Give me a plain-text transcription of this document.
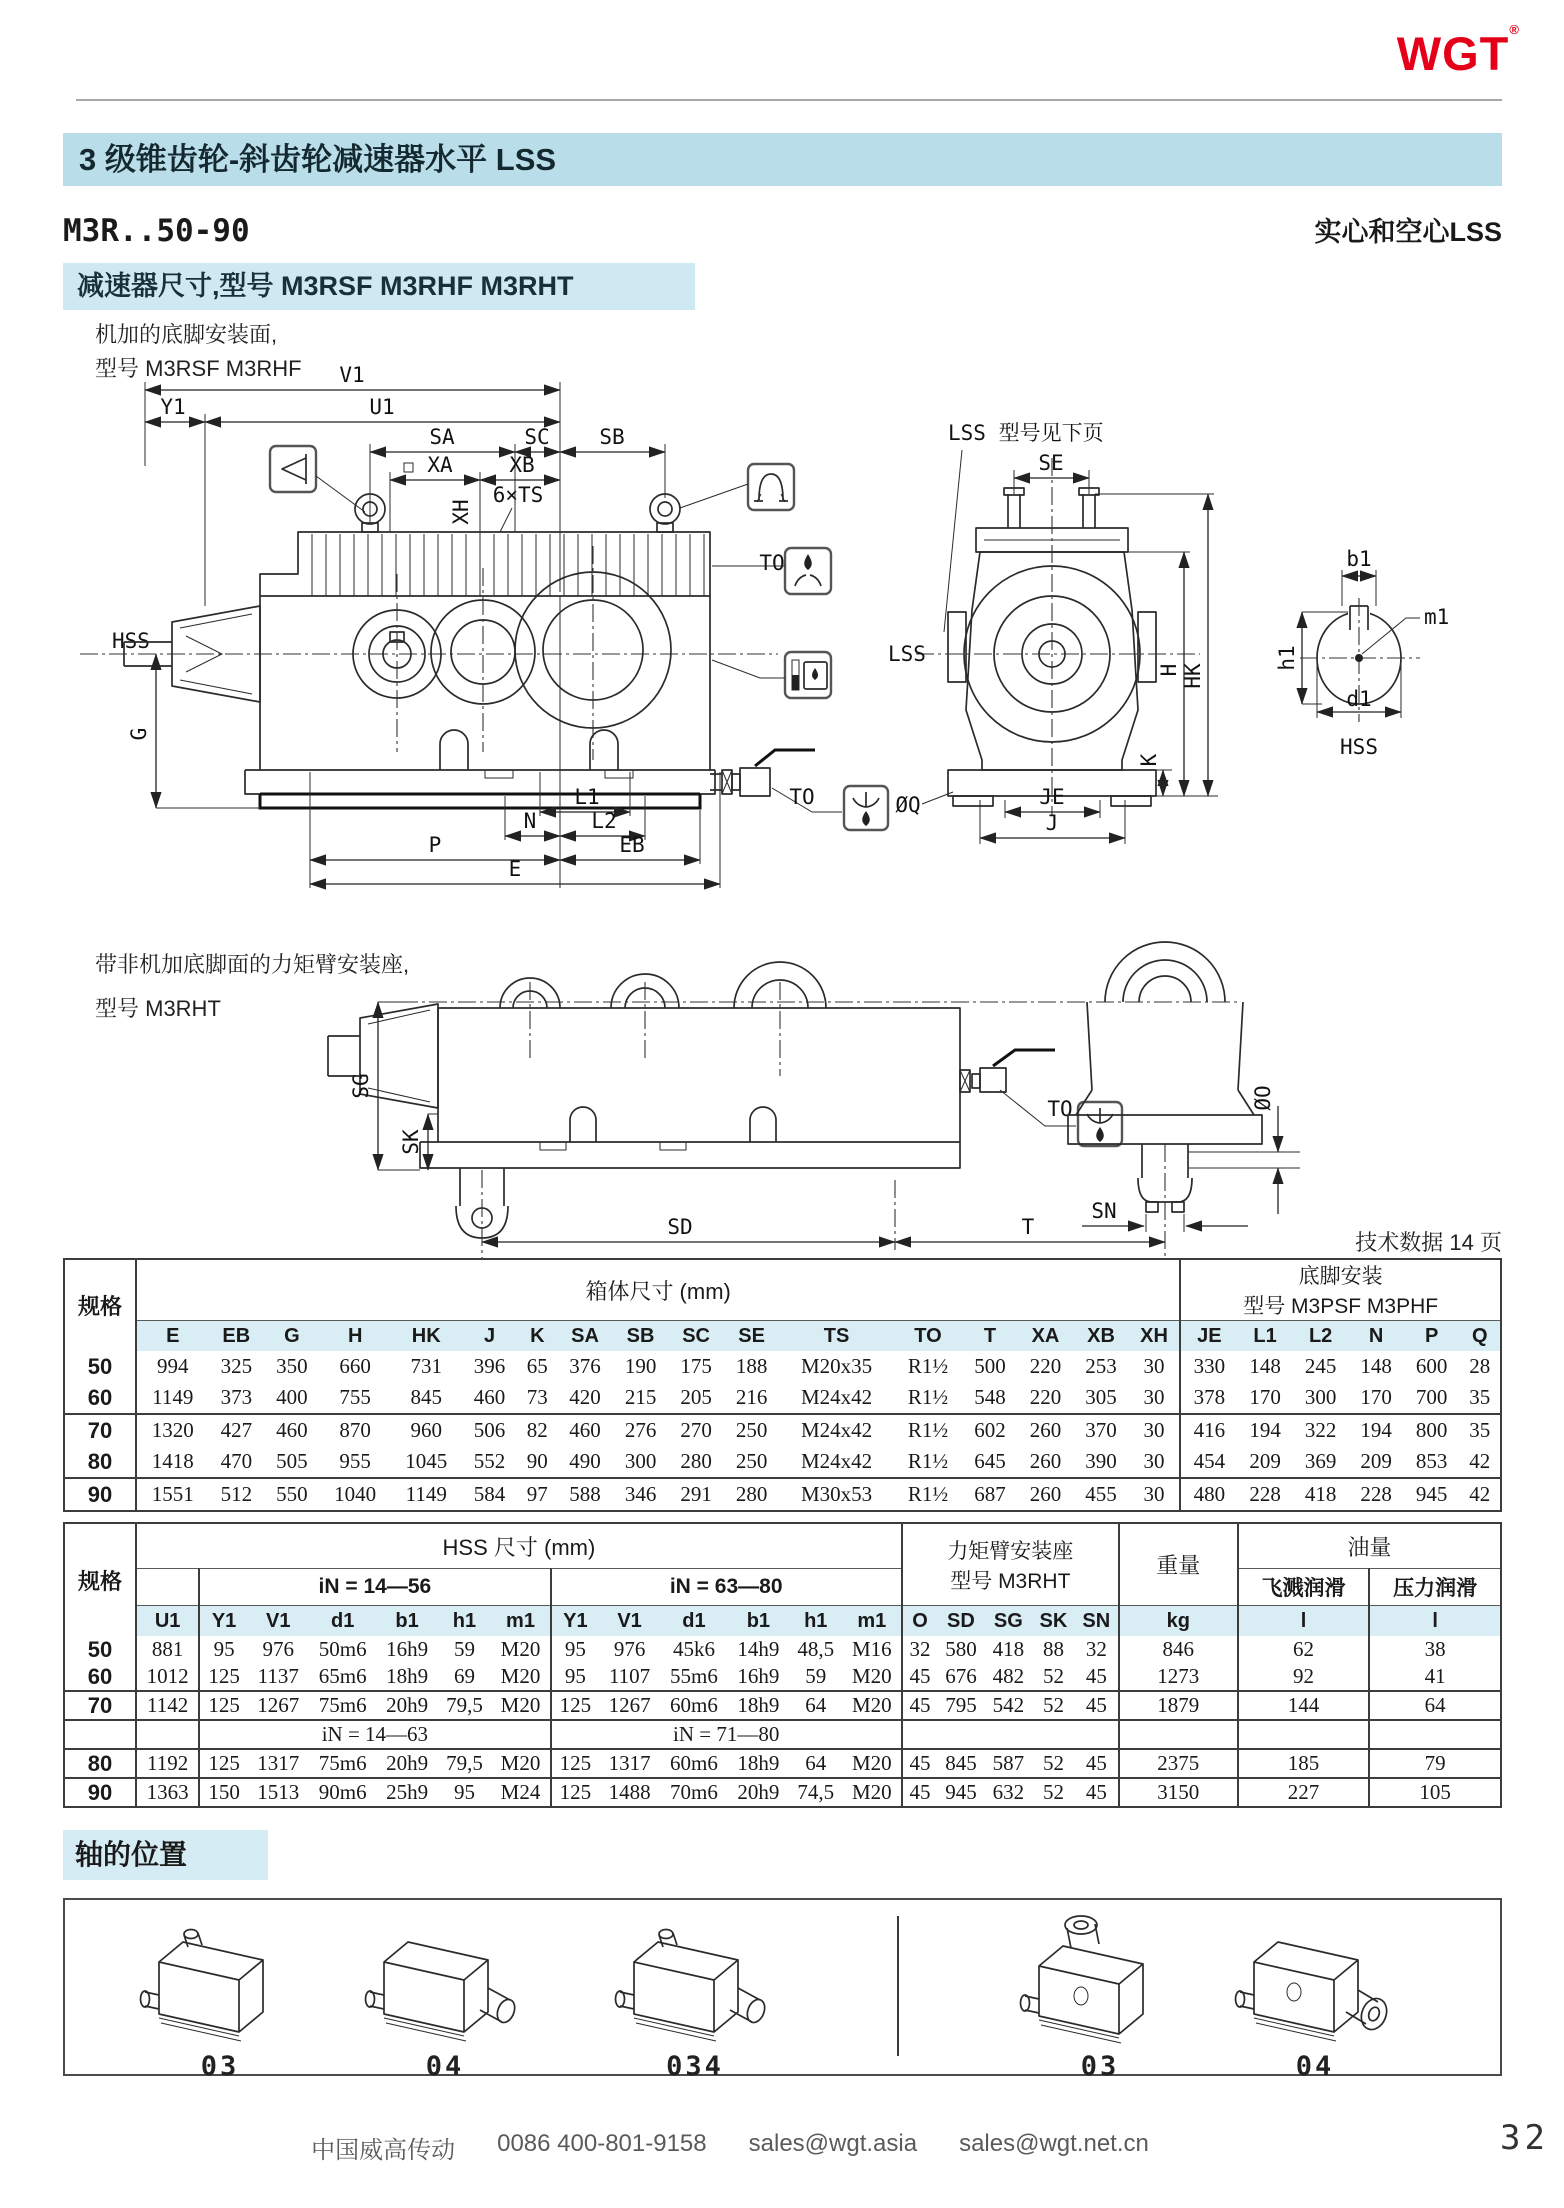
WGT®
3 级锥齿轮-斜齿轮减速器水平 LSS
M3R..50-90	实心和空心LSS
减速器尺寸,型号 M3RSF M3RHF M3RHT
机加的底脚安装面,
型号 M3RSF M3RHF
HSS
TO
TO
V1
Y1	U1
SA	SC SB
XA	XB
XH
6×TS
G
L1
N	L2
P	EB
E
LSS 型号见下页
SE
LSS
K
H HK
JE
J
ØQ
b1
m1
h1
d1
HSS
带非机加底脚面的力矩臂安装座,
型号 M3RHT
SG
SK
SD	T
TO	ØO
SN
技术数据 14 页
规格	箱体尺寸 (mm)																	底脚安装
型号 M3PSF M3PHF					

	E	EB	G	H	HK	J	K	SA	SB	SC	SE	TS	TO	T	XA	XB	XH	JE	L1	L2	N	P	Q
50	994	325	350	660	731	396	65	376	190	175	188	M20x35	R1½	500	220	253	30	330	148	245	148	600	28
60	1149	373	400	755	845	460	73	420	215	205	216	M24x42	R1½	548	220	305	30	378	170	300	170	700	35
70	1320	427	460	870	960	506	82	460	276	270	250	M24x42	R1½	602	260	370	30	416	194	322	194	800	35
80	1418	470	505	955	1045	552	90	490	300	280	250	M24x42	R1½	645	260	390	30	454	209	369	209	853	42
90	1551	512	550	1040	1149	584	97	588	346	291	280	M30x53	R1½	687	260	455	30	480	228	418	228	945	42
规格	HSS 尺寸 (mm)													力矩臂安装座
型号 M3RHT					重量	油量	
		iN = 14—56						iN = 63—80												飞溅润滑	压力润滑
	U1	Y1	V1	d1	b1	h1	m1	Y1	V1	d1	b1	h1	m1	O	SD	SG	SK	SN	kg	l	l
50	881	95	976	50m6	16h9	59	M20	95	976	45k6	14h9	48,5	M16	32	580	418	88	32	846	62	38
60	1012	125	1137	65m6	18h9	69	M20	95	1107	55m6	16h9	59	M20	45	676	482	52	45	1273	92	41
70	1142	125	1267	75m6	20h9	79,5	M20	125	1267	60m6	18h9	64	M20	45	795	542	52	45	1879	144	64
		iN = 14—63						iN = 71—80													
80	1192	125	1317	75m6	20h9	79,5	M20	125	1317	60m6	18h9	64	M20	45	845	587	52	45	2375	185	79
90	1363	150	1513	90m6	25h9	95	M24	125	1488	70m6	20h9	74,5	M20	45	945	632	52	45	3150	227	105
轴的位置
03	04	034	03	04
中国威高传动 0086 400-801-9158 sales@wgt.asia sales@wgt.net.cn	32
